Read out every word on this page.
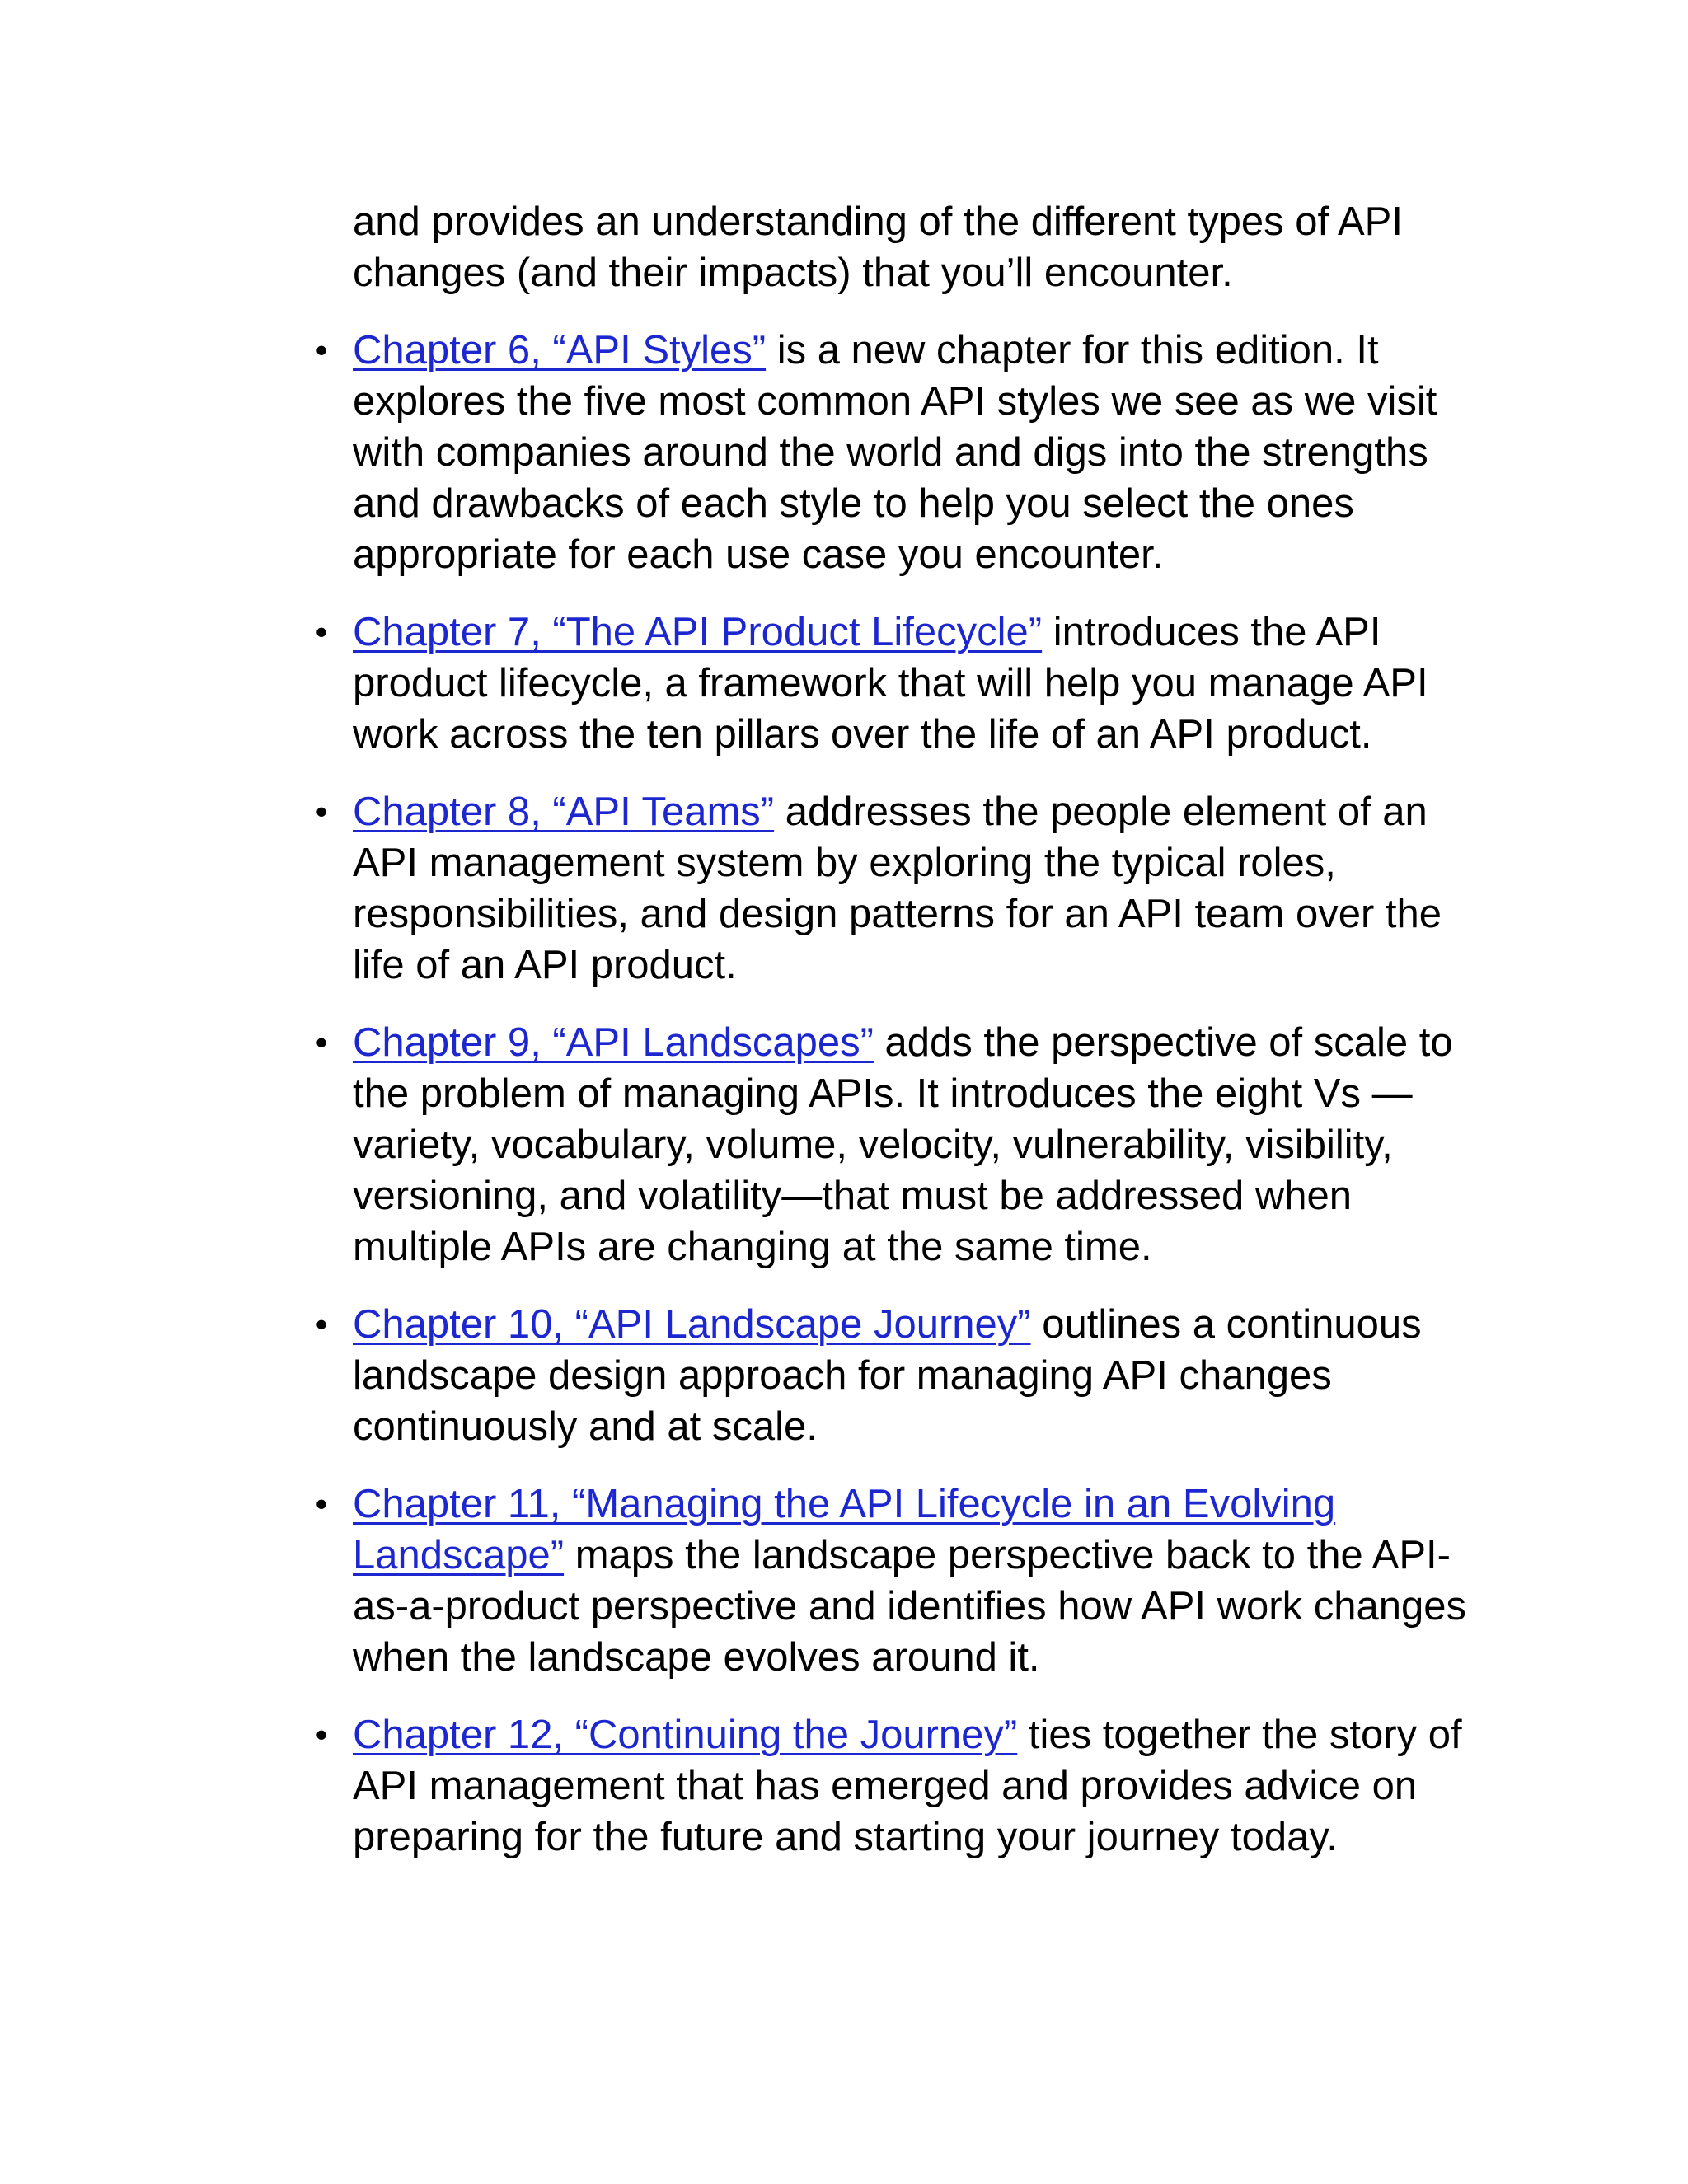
and provides an understanding of the different types of API changes (and their impacts) that you’ll encounter.

• Chapter 6, “API Styles” is a new chapter for this edition. It explores the five most common API styles we see as we visit with companies around the world and digs into the strengths and drawbacks of each style to help you select the ones appropriate for each use case you encounter.
• Chapter 7, “The API Product Lifecycle” introduces the API product lifecycle, a framework that will help you manage API work across the ten pillars over the life of an API product.
• Chapter 8, “API Teams” addresses the people element of an API management system by exploring the typical roles, responsibilities, and design patterns for an API team over the life of an API product.
• Chapter 9, “API Landscapes” adds the perspective of scale to the problem of managing APIs. It introduces the eight Vs —variety, vocabulary, volume, velocity, vulnerability, visibility, versioning, and volatility—that must be addressed when multiple APIs are changing at the same time.
• Chapter 10, “API Landscape Journey” outlines a continuous landscape design approach for managing API changes continuously and at scale.
• Chapter 11, “Managing the API Lifecycle in an Evolving Landscape” maps the landscape perspective back to the API-as-a-product perspective and identifies how API work changes when the landscape evolves around it.
• Chapter 12, “Continuing the Journey” ties together the story of API management that has emerged and provides advice on preparing for the future and starting your journey today.
